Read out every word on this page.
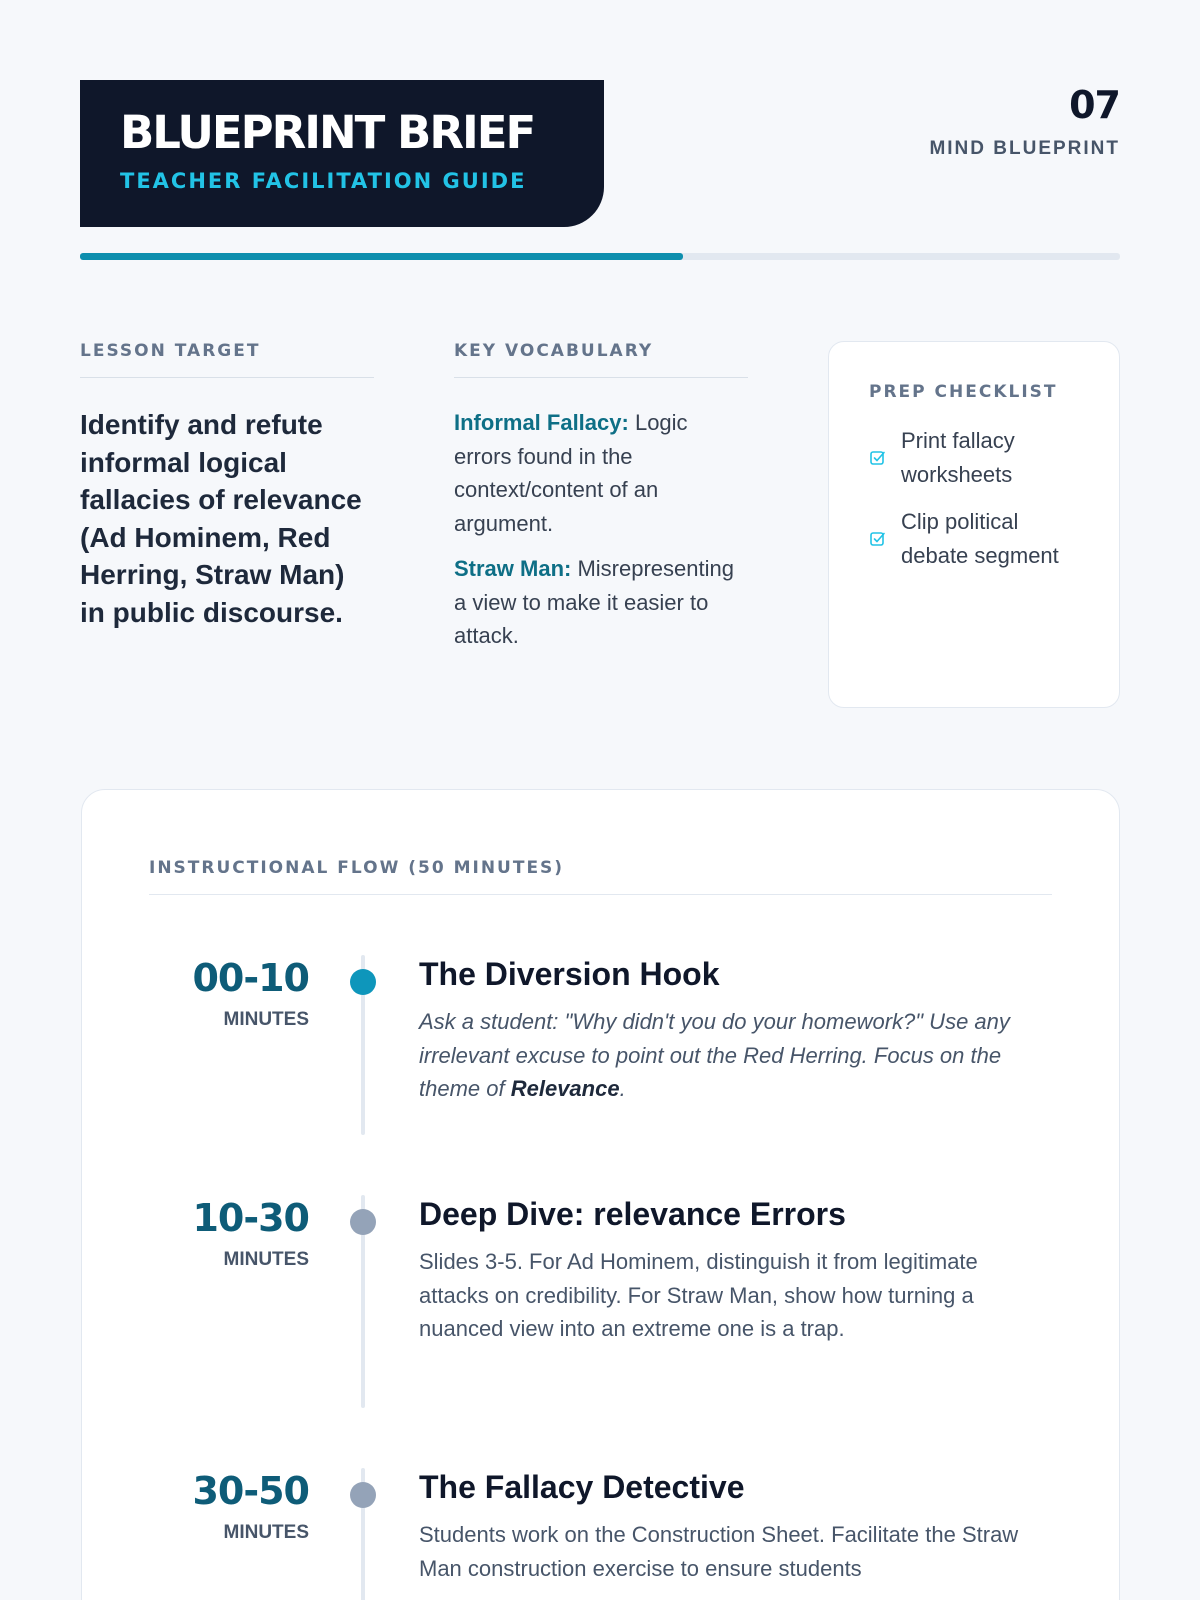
BLUEPRINT BRIEF
TEACHER FACILITATION GUIDE
07
MIND BLUEPRINT
LESSON TARGET
Identify and refute informal logical fallacies of relevance (Ad Hominem, Red Herring, Straw Man) in public discourse.
KEY VOCABULARY

Informal Fallacy: Logic errors found in the context/content of an argument.

Straw Man: Misrepresenting a view to make it easier to attack.

PREP CHECKLIST
Print fallacy worksheets
Clip political debate segment
INSTRUCTIONAL FLOW (50 MINUTES)
00-10
MINUTES
The Diversion Hook
Ask a student: "Why didn't you do your homework?" Use any irrelevant excuse to point out the Red Herring. Focus on the theme of Relevance.
10-30
MINUTES
Deep Dive: relevance Errors
Slides 3-5. For Ad Hominem, distinguish it from legitimate attacks on credibility. For Straw Man, show how turning a nuanced view into an extreme one is a trap.
30-50
MINUTES
The Fallacy Detective
Students work on the Construction Sheet. Facilitate the Straw Man construction exercise to ensure students
